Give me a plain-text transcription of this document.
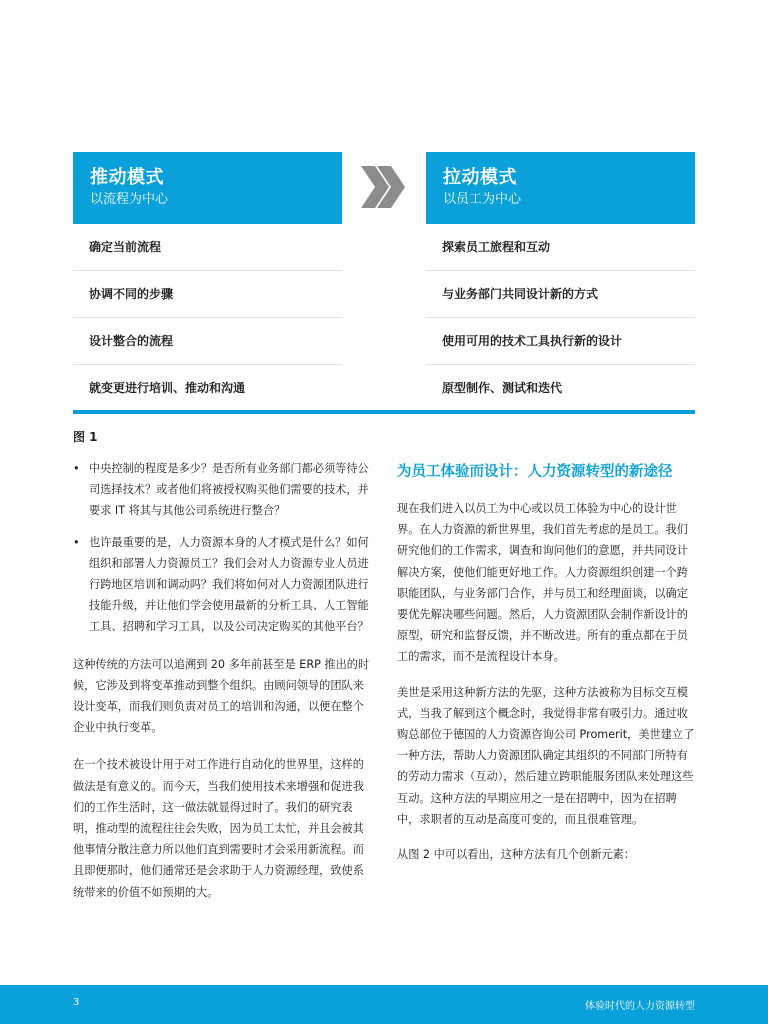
推动模式
以流程为中心
确定当前流程
协调不同的步骤
设计整合的流程
就变更进行培训、推动和沟通
拉动模式
以员工为中心
探索员工旅程和互动
与业务部门共同设计新的方式
使用可用的技术工具执行新的设计
原型制作、测试和迭代
图 1
• 中央控制的程度是多少？是否所有业务部门都必须等待公司选择技术？或者他们将被授权购买他们需要的技术，并要求 IT 将其与其他公司系统进行整合？
• 也许最重要的是，人力资源本身的人才模式是什么？如何组织和部署人力资源员工？我们会对人力资源专业人员进行跨地区培训和调动吗？我们将如何对人力资源团队进行技能升级，并让他们学会使用最新的分析工具、人工智能工具、招聘和学习工具，以及公司决定购买的其他平台？

这种传统的方法可以追溯到 20 多年前甚至是 ERP 推出的时候，它涉及到将变革推动到整个组织。由顾问领导的团队来设计变革，而我们则负责对员工的培训和沟通，以便在整个企业中执行变革。

在一个技术被设计用于对工作进行自动化的世界里，这样的做法是有意义的。而今天，当我们使用技术来增强和促进我们的工作生活时，这一做法就显得过时了。我们的研究表明，推动型的流程往往会失败，因为员工太忙，并且会被其他事情分散注意力所以他们直到需要时才会采用新流程。而且即便那时，他们通常还是会求助于人力资源经理，致使系统带来的价值不如预期的大。

为员工体验而设计：人力资源转型的新途径

现在我们进入以员工为中心或以员工体验为中心的设计世界。在人力资源的新世界里，我们首先考虑的是员工。我们研究他们的工作需求，调查和询问他们的意愿，并共同设计解决方案，使他们能更好地工作。人力资源组织创建一个跨职能团队，与业务部门合作，并与员工和经理面谈，以确定要优先解决哪些问题。然后，人力资源团队会制作新设计的原型，研究和监督反馈，并不断改进。所有的重点都在于员工的需求，而不是流程设计本身。

美世是采用这种新方法的先驱，这种方法被称为目标交互模式，当我了解到这个概念时，我觉得非常有吸引力。通过收购总部位于德国的人力资源咨询公司 Promerit，美世建立了一种方法，帮助人力资源团队确定其组织的不同部门所特有的劳动力需求（互动），然后建立跨职能服务团队来处理这些互动。这种方法的早期应用之一是在招聘中，因为在招聘中，求职者的互动是高度可变的，而且很难管理。

从图 2 中可以看出，这种方法有几个创新元素：

3	体验时代的人力资源转型
